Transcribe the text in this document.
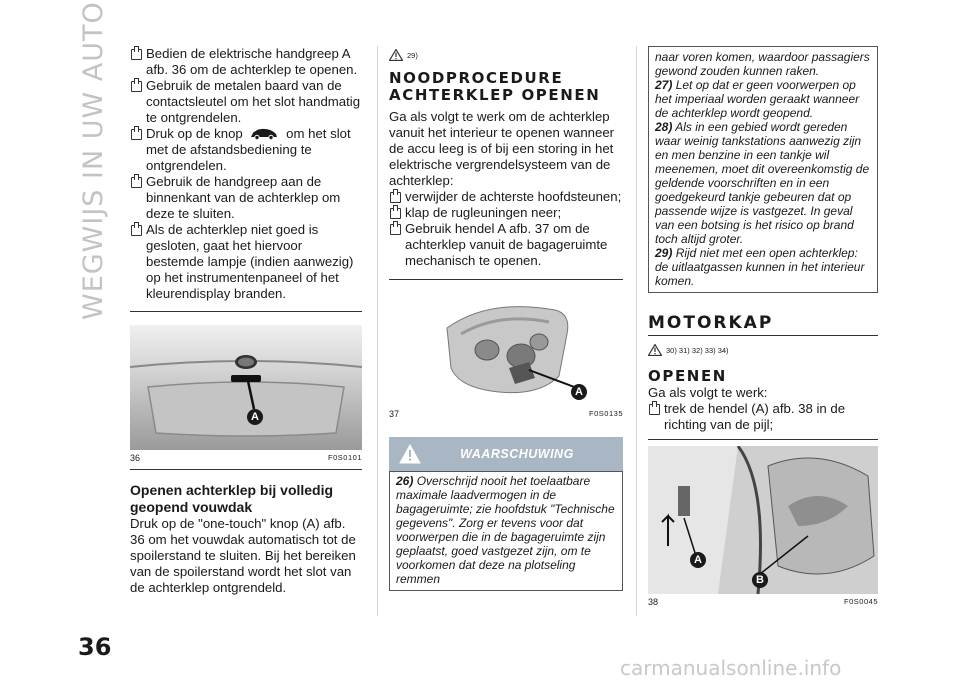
WEGWIJS IN UW AUTO	Bedien de elektrische handgreep A afb. 36 om de achterklep te openen.

Gebruik de metalen baard van de contactsleutel om het slot handmatig te ontgrendelen.

Druk op de knop	om het slot met de afstandsbediening te ontgrendelen.

Gebruik de handgreep aan de binnenkant van de achterklep om deze te sluiten.

Als de achterklep niet goed is gesloten, gaat het hiervoor bestemde lampje (indien aanwezig) op het instrumentenpaneel of het kleurendisplay branden.

A
36	F0S0101

Openen achterklep bij volledig geopend vouwdak

Druk op de "one-touch" knop (A) afb. 36 om het vouwdak automatisch tot de spoilerstand te sluiten. Bij het bereiken van de spoilerstand wordt het slot van de achterklep ontgrendeld.

29)

NOODPROCEDURE

ACHTERKLEP OPENEN

Ga als volgt te werk om de achterklep vanuit het interieur te openen wanneer de accu leeg is of bij een storing in het elektrische vergrendelsysteem van de achterklep:

verwijder de achterste hoofdsteunen;

klap de rugleuningen neer;

Gebruik hendel A afb. 37 om de achterklep vanuit de bagageruimte mechanisch te openen.

A
37	F0S0135
WAARSCHUWING

26) Overschrijd nooit het toelaatbare maximale laadvermogen in de bagageruimte; zie hoofdstuk "Technische gegevens". Zorg er tevens voor dat voorwerpen die in de bagageruimte zijn geplaatst, goed vastgezet zijn, om te voorkomen dat deze na plotseling remmen

naar voren komen, waardoor passagiers gewond zouden kunnen raken.

27) Let op dat er geen voorwerpen op het imperiaal worden geraakt wanneer de achterklep wordt geopend.

28) Als in een gebied wordt gereden waar weinig tankstations aanwezig zijn en men benzine in een tankje wil meenemen, moet dit overeenkomstig de geldende voorschriften en in een goedgekeurd tankje gebeuren dat op passende wijze is vastgezet. In geval van een botsing is het risico op brand toch altijd groter.

29) Rijd niet met een open achterklep: de uitlaatgassen kunnen in het interieur komen.

MOTORKAP

30) 31) 32) 33) 34)

OPENEN

Ga als volgt te werk:

trek de hendel (A) afb. 38 in de richting van de pijl;

A
B
38	F0S0045
36
carmanualsonline.info
